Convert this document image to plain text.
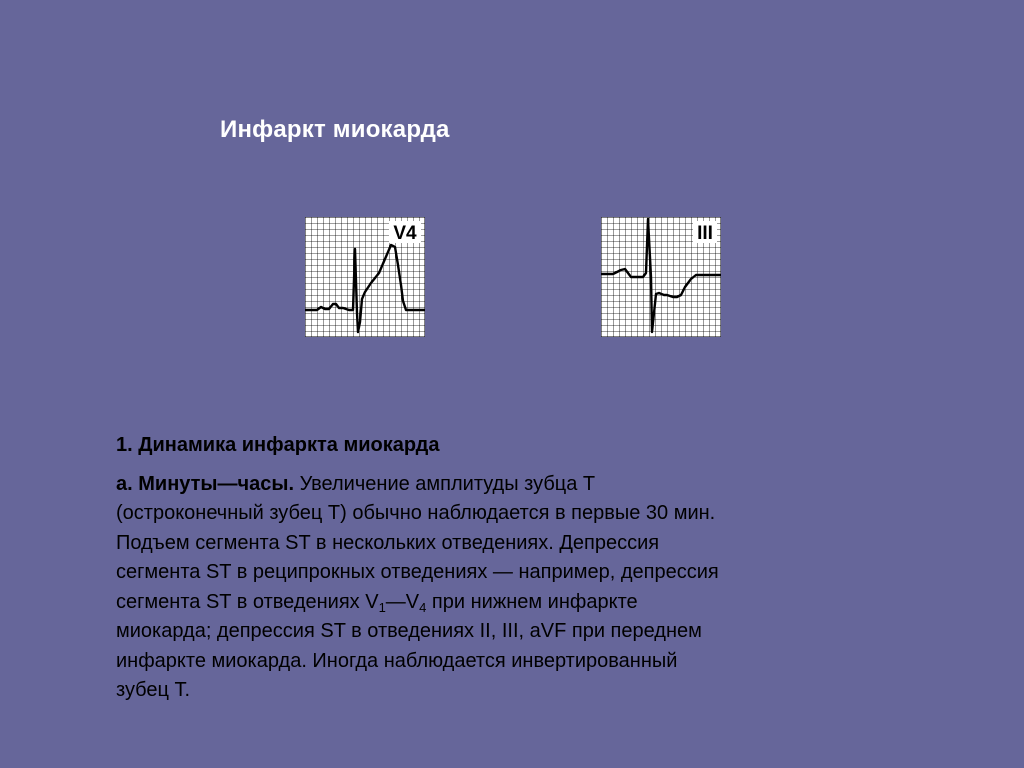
Инфаркт миокарда
V4	III
1. Динамика инфаркта миокарда

а. Минуты—часы. Увеличение амплитуды зубца Т

(остроконечный зубец Т) обычно наблюдается в первые 30 мин.

Подъем сегмента ST в нескольких отведениях. Депрессия

сегмента ST в реципрокных отведениях — например, депрессия

сегмента ST в отведениях $V_1—V_4$ при нижнем инфаркте

миокарда; депрессия ST в отведениях II, III, aVF при переднем

инфаркте миокарда. Иногда наблюдается инвертированный

зубец Т.
